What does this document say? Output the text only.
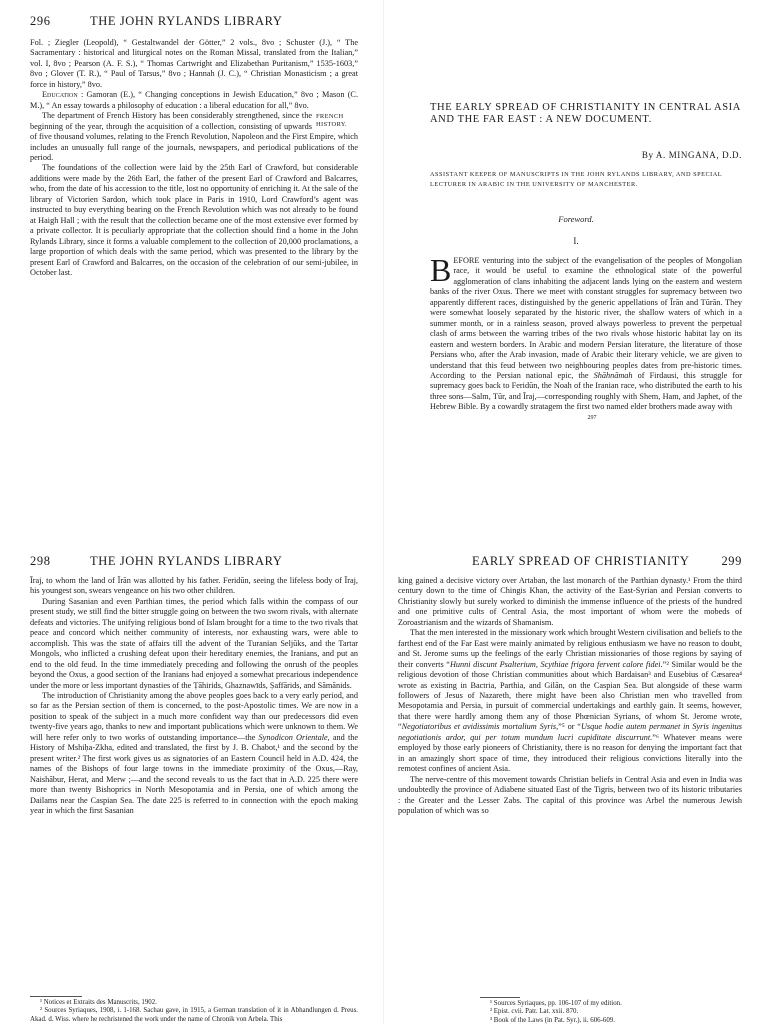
296	THE JOHN RYLANDS LIBRARY

Fol. ; Ziegler (Leopold), “ Gestaltwandel der Götter,” 2 vols., 8vo ; Schuster (J.), “ The Sacramentary : historical and liturgical notes on the Roman Missal, translated from the Italian,” vol. I, 8vo ; Pearson (A. F. S.), “ Thomas Cartwright and Elizabethan Puritanism,” 1535-1603,” 8vo ; Glover (T. R.), “ Paul of Tarsus,” 8vo ; Hannah (J. C.), “ Christian Monasticism ; a great force in history,” 8vo.

Education : Gamoran (E.), “ Changing conceptions in Jewish Education,” 8vo ; Mason (C. M.), “ An essay towards a philosophy of education : a liberal education for all,” 8vo.

FRENCH HISTORY.
The department of French History has been considerably strengthened, since the beginning of the year, through the acquisition of a collection, consisting of upwards of five thousand volumes, relating to the French Revolution, Napoleon and the First Empire, which includes an unusually full range of the journals, newspapers, and periodical publications of the period.

The foundations of the collection were laid by the 25th Earl of Crawford, but considerable additions were made by the 26th Earl, the father of the present Earl of Crawford and Balcarres, who, from the date of his accession to the title, lost no opportunity of enriching it. At the sale of the library of Victorien Sardon, which took place in Paris in 1910, Lord Crawford’s agent was instructed to buy everything bearing on the French Revolution which was not already to be found at Haigh Hall ; with the result that the collection became one of the most extensive ever formed by a private collector. It is peculiarly appropriate that the collection should find a home in the John Rylands Library, since it forms a valuable complement to the collection of 20,000 proclamations, a large proportion of which deals with the same period, which was presented to the library by the present Earl of Crawford and Balcarres, on the occasion of the celebration of our semi-jubilee, in October last.

THE EARLY SPREAD OF CHRISTIANITY IN CENTRAL ASIA AND THE FAR EAST : A NEW DOCUMENT.
By A. MINGANA, D.D.
ASSISTANT KEEPER OF MANUSCRIPTS IN THE JOHN RYLANDS LIBRARY, AND SPECIAL LECTURER IN ARABIC IN THE UNIVERSITY OF MANCHESTER.
Foreword.
I.

BEFORE venturing into the subject of the evangelisation of the peoples of Mongolian race, it would be useful to examine the ethnological state of the powerful agglomeration of clans inhabiting the adjacent lands lying on the eastern and western banks of the river Oxus. There we meet with constant struggles for supremacy between two apparently different races, distinguished by the generic appellations of Īrān and Tūrān. They were somewhat loosely separated by the historic river, the shallow waters of which in a summer month, or in a rainless season, proved always powerless to prevent the perpetual clash of arms between the warring tribes of the two rivals whose historic habitat lay on its eastern and western borders. In Arabic and modern Persian literature, the literature of those Persians who, after the Arab invasion, made of Arabic their literary vehicle, we are given to understand that this feud between two neighbouring peoples dates from pre-historic times. According to the Persian national epic, the Shāhnāmah of Firdausi, this struggle for supremacy goes back to Feridūn, the Noah of the Iranian race, who distributed the earth to his three sons—Salm, Tūr, and Īraj,—corresponding roughly with Shem, Ham, and Japhet, of the Hebrew Bible. By a cowardly stratagem the first two named elder brothers made away with

297

298	THE JOHN RYLANDS LIBRARY

Īraj, to whom the land of Īrān was allotted by his father. Feridūn, seeing the lifeless body of Īraj, his youngest son, swears vengeance on his two other children.

During Sasanian and even Parthian times, the period which falls within the compass of our present study, we still find the bitter struggle going on between the two sworn rivals, with alternate defeats and victories. The unifying religious bond of Islam brought for a time to the two rivals that peace and concord which neither community of interests, nor exhausting wars, were able to accomplish. This was the state of affairs till the advent of the Turanian Seljūks, and the Tartar Mongols, who inflicted a crushing defeat upon their hereditary enemies, the Iranians, and put an end to the old feud. In the time immediately preceding and following the onrush of the peoples beyond the Oxus, a good section of the Iranians had enjoyed a somewhat precarious independence under the more or less important dynasties of the Ṭāhirids, Ghaznawīds, Ṣaffārids, and Sāmānids.

The introduction of Christianity among the above peoples goes back to a very early period, and so far as the Persian section of them is concerned, to the post-Apostolic times. We are now in a position to speak of the subject in a much more confident way than our predecessors did even twenty-five years ago, thanks to new and important publications which were unknown to them. We will here refer only to two works of outstanding importance—the Synodicon Orientale, and the History of Mshiḥa-Zkha, edited and translated, the first by J. B. Chabot,¹ and the second by the present writer.² The first work gives us as signatories of an Eastern Council held in A.D. 424, the names of the Bishops of four large towns in the immediate proximity of the Oxus,—Ray, Naishābur, Herat, and Merw ;—and the second reveals to us the fact that in A.D. 225 there were more than twenty Bishoprics in North Mesopotamia and in Persia, one of which among the Dailams near the Caspian Sea. The date 225 is referred to in connection with the epoch making year in which the first Sasanian

¹ Notices et Extraits des Manuscrits, 1902.

² Sources Syriaques, 1908, i. 1-168. Sachau gave, in 1915, a German translation of it in Abhandlungen d. Preus. Akad. d. Wiss. where he rechristened the work under the name of Chronik von Arbela. This

EARLY SPREAD OF CHRISTIANITY	299

king gained a decisive victory over Artaban, the last monarch of the Parthian dynasty.¹ From the third century down to the time of Chingis Khan, the activity of the East-Syrian and Persian converts to Christianity slowly but surely worked to diminish the immense influence of the priests of the hundred and one primitive cults of Central Asia, the most important of whom were the mobeds of Zoroastrianism and the wizards of Shamanism.

That the men interested in the missionary work which brought Western civilisation and beliefs to the farthest end of the Far East were mainly animated by religious enthusiasm we have no reason to doubt, and St. Jerome sums up the feelings of the early Christian missionaries of those regions by saying of their converts “Hunni discunt Psalterium, Scythiae frigora fervent calore fidei.”² Similar would be the religious devotion of those Christian communities about which Bardaisan³ and Eusebius of Cæsarea⁴ wrote as existing in Bactria, Parthia, and Gilān, on the Caspian Sea. But alongside of these warm followers of Jesus of Nazareth, there might have been also Christian men who travelled from Mesopotamia and Persia, in pursuit of commercial undertakings and earthly gain. It seems, however, that there were hardly among them any of those Phœnician Syrians, of whom St. Jerome wrote, “Negotiatoribus et avidissimis mortalium Syris,”⁵ or “Usque hodie autem permanet in Syris ingenitus negotiationis ardor, qui per totum mundum lucri cupiditate discurrunt.”⁶ Whatever means were employed by those early pioneers of Christianity, there is no reason for denying the important fact that in an amazingly short space of time, they introduced their religious convictions literally into the remotest confines of ancient Asia.

The nerve-centre of this movement towards Christian beliefs in Central Asia and even in India was undoubtedly the province of Adiabene situated East of the Tigris, between two of its historic tributaries : the Greater and the Lesser Zabs. The capital of this province was Arbel the numerous Jewish population of which was so

¹ Sources Syriaques, pp. 106-107 of my edition.

² Epist. cvii. Patr. Lat. xxii. 870.

³ Book of the Laws (in Pat. Syr.), ii. 606-609.
